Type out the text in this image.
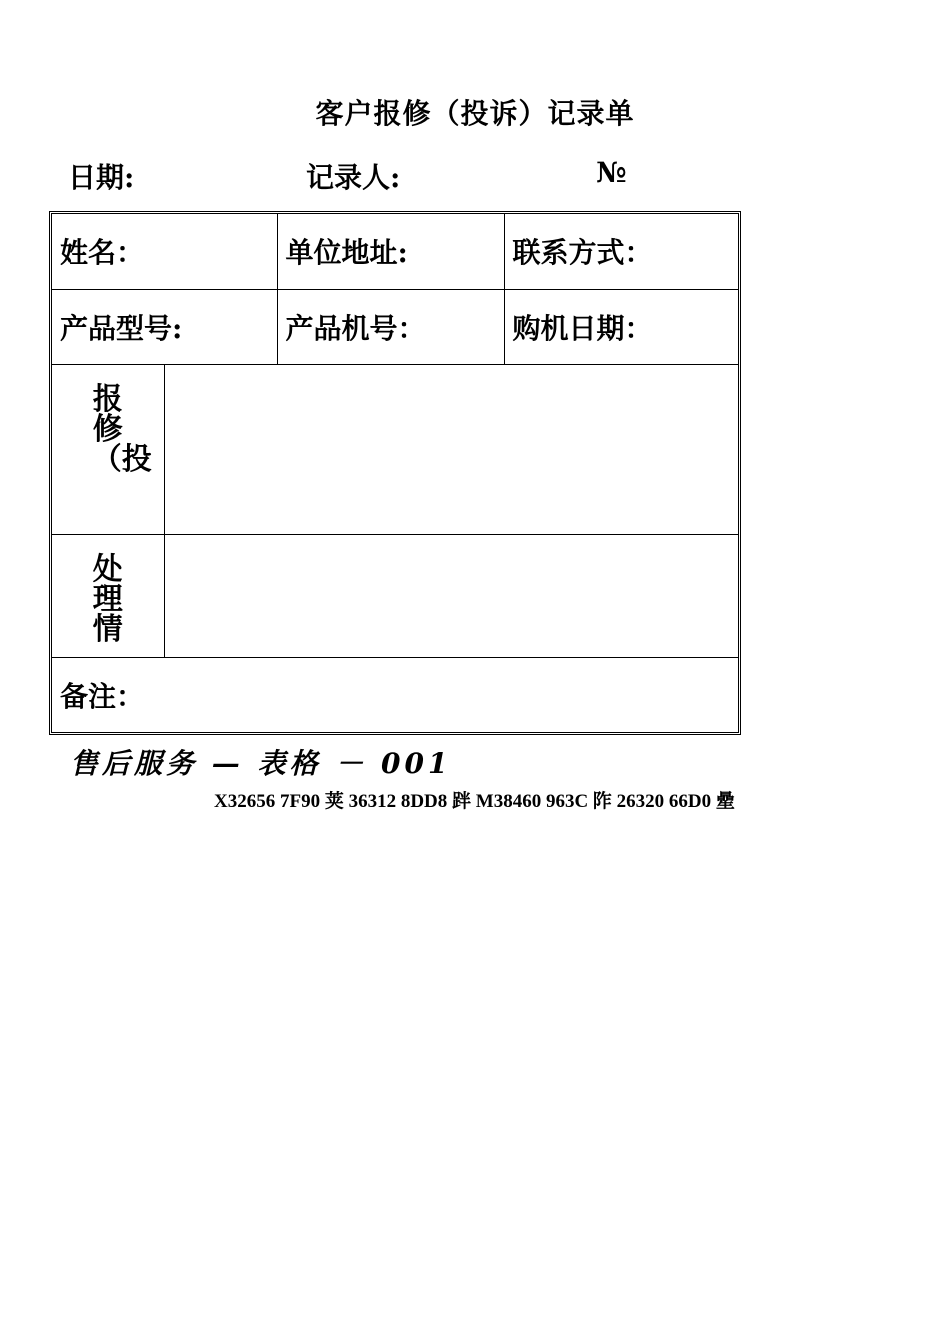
客户报修（投诉）记录单
日期:	记录人:	№
姓名：		单位地址:	联系方式：
产品型号:		产品机号：	购机日期：
报修（投			
处理情			
备注：			
售后服务 — 表格 － 001
X32656 7F90 荚 36312 8DD8 跘 M38460 963C 阼 26320 66D0 曐
